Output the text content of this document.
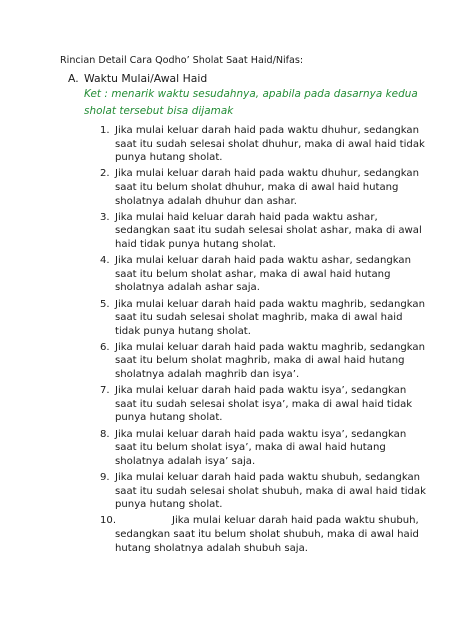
Rincian Detail Cara Qodho’ Sholat Saat Haid/Nifas:
A. Waktu Mulai/Awal Haid
Ket : menarik waktu sesudahnya, apabila pada dasarnya kedua sholat tersebut bisa dijamak
1. Jika mulai keluar darah haid pada waktu dhuhur, sedangkan saat itu sudah selesai sholat dhuhur, maka di awal haid tidak punya hutang sholat.
2. Jika mulai keluar darah haid pada waktu dhuhur, sedangkan saat itu belum sholat dhuhur, maka di awal haid hutang sholatnya adalah dhuhur dan ashar.
3. Jika mulai haid keluar darah haid pada waktu ashar, sedangkan saat itu sudah selesai sholat ashar, maka di awal haid tidak punya hutang sholat.
4. Jika mulai keluar darah haid pada waktu ashar, sedangkan saat itu belum sholat ashar, maka di awal haid hutang sholatnya adalah ashar saja.
5. Jika mulai keluar darah haid pada waktu maghrib, sedangkan saat itu sudah selesai sholat maghrib, maka di awal haid tidak punya hutang sholat.
6. Jika mulai keluar darah haid pada waktu maghrib, sedangkan saat itu belum sholat maghrib, maka di awal haid hutang sholatnya adalah maghrib dan isya’.
7. Jika mulai keluar darah haid pada waktu isya’, sedangkan saat itu sudah selesai sholat isya’, maka di awal haid tidak punya hutang sholat.
8. Jika mulai keluar darah haid pada waktu isya’, sedangkan saat itu belum sholat isya’, maka di awal haid hutang sholatnya adalah isya’ saja.
9. Jika mulai keluar darah haid pada waktu shubuh, sedangkan saat itu sudah selesai sholat shubuh, maka di awal haid tidak punya hutang sholat.
10.	Jika mulai keluar darah haid pada waktu shubuh,
sedangkan saat itu belum sholat shubuh, maka di awal haid hutang sholatnya adalah shubuh saja.
